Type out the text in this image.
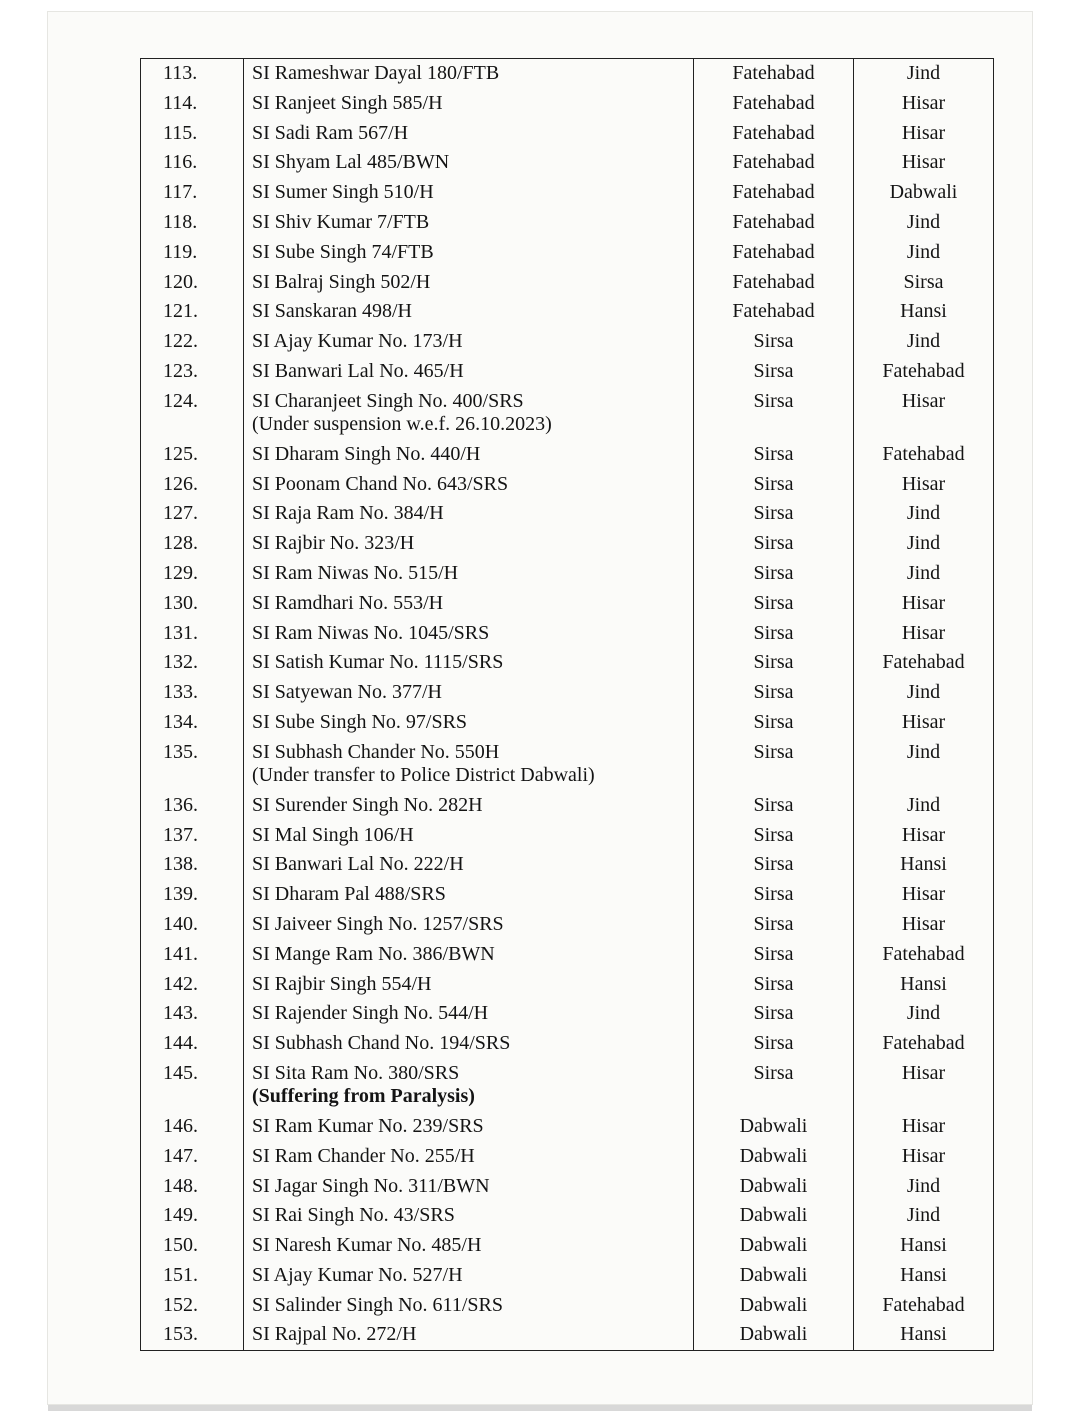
113.	SI Rameshwar Dayal 180/FTB	Fatehabad	Jind
114.	SI Ranjeet Singh 585/H	Fatehabad	Hisar
115.	SI Sadi Ram 567/H	Fatehabad	Hisar
116.	SI Shyam Lal 485/BWN	Fatehabad	Hisar
117.	SI Sumer Singh 510/H	Fatehabad	Dabwali
118.	SI Shiv Kumar 7/FTB	Fatehabad	Jind
119.	SI Sube Singh 74/FTB	Fatehabad	Jind
120.	SI Balraj Singh 502/H	Fatehabad	Sirsa
121.	SI Sanskaran 498/H	Fatehabad	Hansi
122.	SI Ajay Kumar No. 173/H	Sirsa	Jind
123.	SI Banwari Lal No. 465/H	Sirsa	Fatehabad
124.	SI Charanjeet Singh No. 400/SRS
(Under suspension w.e.f. 26.10.2023)
Sirsa	Hisar
125.	SI Dharam Singh No. 440/H	Sirsa	Fatehabad
126.	SI Poonam Chand No. 643/SRS	Sirsa	Hisar
127.	SI Raja Ram No. 384/H	Sirsa	Jind
128.	SI Rajbir No. 323/H	Sirsa	Jind
129.	SI Ram Niwas No. 515/H	Sirsa	Jind
130.	SI Ramdhari No. 553/H	Sirsa	Hisar
131.	SI Ram Niwas No. 1045/SRS	Sirsa	Hisar
132.	SI Satish Kumar No. 1115/SRS	Sirsa	Fatehabad
133.	SI Satyewan No. 377/H	Sirsa	Jind
134.	SI Sube Singh No. 97/SRS	Sirsa	Hisar
135.	SI Subhash Chander No. 550H
(Under transfer to Police District Dabwali)
Sirsa	Jind
136.	SI Surender Singh No. 282H	Sirsa	Jind
137.	SI Mal Singh 106/H	Sirsa	Hisar
138.	SI Banwari Lal No. 222/H	Sirsa	Hansi
139.	SI Dharam Pal 488/SRS	Sirsa	Hisar
140.	SI Jaiveer Singh No. 1257/SRS	Sirsa	Hisar
141.	SI Mange Ram No. 386/BWN	Sirsa	Fatehabad
142.	SI Rajbir Singh 554/H	Sirsa	Hansi
143.	SI Rajender Singh No. 544/H	Sirsa	Jind
144.	SI Subhash Chand No. 194/SRS	Sirsa	Fatehabad
145.	SI Sita Ram No. 380/SRS
(Suffering from Paralysis)
Sirsa	Hisar
146.	SI Ram Kumar No. 239/SRS	Dabwali	Hisar
147.	SI Ram Chander No. 255/H	Dabwali	Hisar
148.	SI Jagar Singh No. 311/BWN	Dabwali	Jind
149.	SI Rai Singh No. 43/SRS	Dabwali	Jind
150.	SI Naresh Kumar No. 485/H	Dabwali	Hansi
151.	SI Ajay Kumar No. 527/H	Dabwali	Hansi
152.	SI Salinder Singh No. 611/SRS	Dabwali	Fatehabad
153.	SI Rajpal No. 272/H	Dabwali	Hansi
